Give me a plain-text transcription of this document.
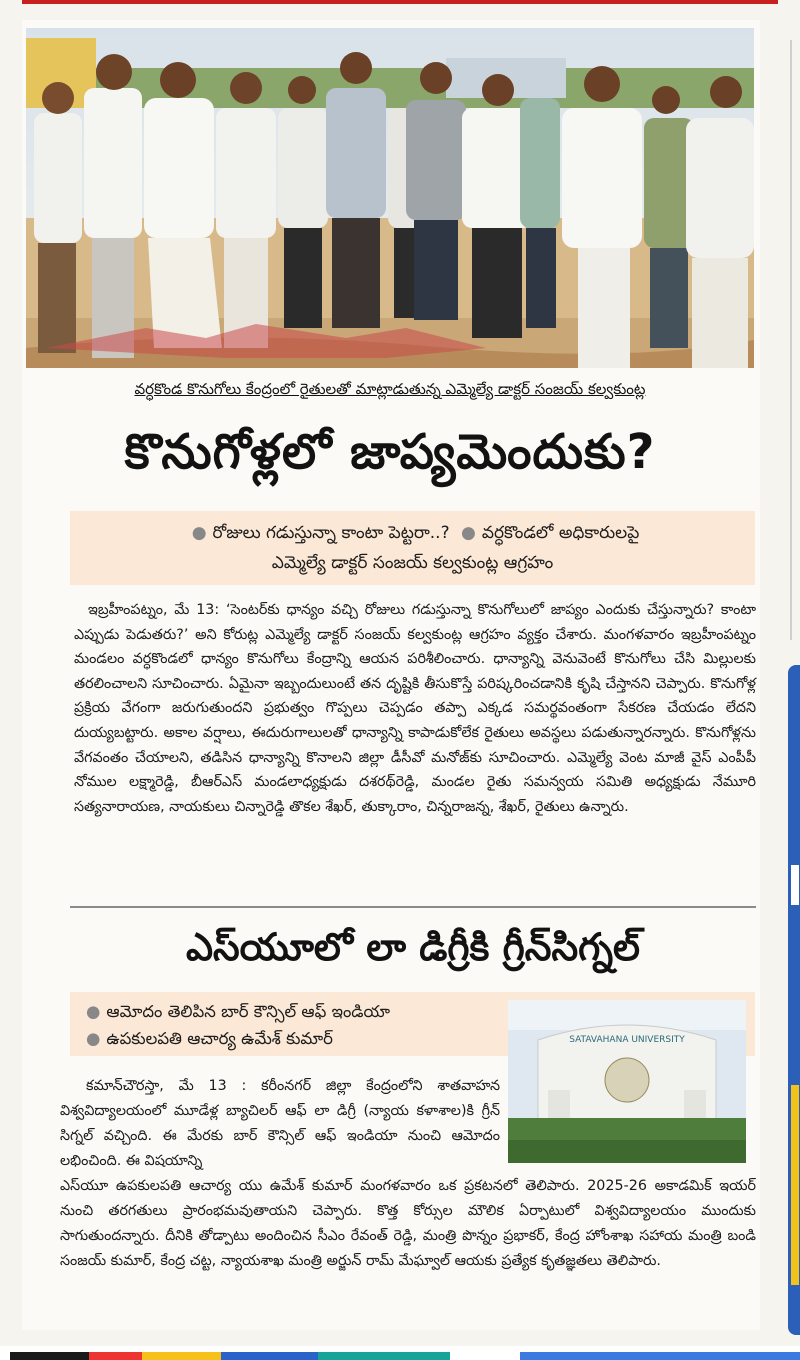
వర్ధకొండ కొనుగోలు కేంద్రంలో రైతులతో మాట్లాడుతున్న ఎమ్మెల్యే డాక్టర్ సంజయ్ కల్వకుంట్ల
కొనుగోళ్లలో జాప్యమెందుకు?
● రోజులు గడుస్తున్నా కాంటా పెట్టరా..? ● వర్ధకొండలో అధికారులపై
ఎమ్మెల్యే డాక్టర్ సంజయ్ కల్వకుంట్ల ఆగ్రహం
ఇబ్రహీంపట్నం, మే 13: ‘సెంటర్‌కు ధాన్యం వచ్చి రోజులు గడుస్తున్నా కొనుగోలులో జాప్యం ఎందుకు చేస్తున్నారు? కాంటా ఎప్పుడు పెడుతరు?’ అని కోరుట్ల ఎమ్మెల్యే డాక్టర్ సంజయ్ కల్వకుంట్ల ఆగ్రహం వ్యక్తం చేశారు. మంగళవారం ఇబ్రహీంపట్నం మండలం వర్ధకొండలో ధాన్యం కొనుగోలు కేంద్రాన్ని ఆయన పరిశీలించారు. ధాన్యాన్ని వెనువెంటే కొనుగోలు చేసి మిల్లులకు తరలించాలని సూచించారు. ఏమైనా ఇబ్బందులుంటే తన దృష్టికి తీసుకొస్తే పరిష్కరించడానికి కృషి చేస్తానని చెప్పారు. కొనుగోళ్ల ప్రక్రియ వేగంగా జరుగుతుందని ప్రభుత్వం గొప్పలు చెప్పడం తప్పా ఎక్కడ సమర్థవంతంగా సేకరణ చేయడం లేదని దుయ్యబట్టారు. అకాల వర్షాలు, ఈదురుగాలులతో ధాన్యాన్ని కాపాడుకోలేక రైతులు అవస్థలు పడుతున్నారన్నారు. కొనుగోళ్లను వేగవంతం చేయాలని, తడిసిన ధాన్యాన్ని కొనాలని జిల్లా డీసీవో మనోజ్‌కు సూచించారు. ఎమ్మెల్యే వెంట మాజీ వైస్ ఎంపీపీ నోముల లక్ష్మారెడ్డి, బీఆర్ఎస్ మండలాధ్యక్షుడు దశరథ్‌రెడ్డి, మండల రైతు సమన్వయ సమితి అధ్యక్షుడు నేమూరి సత్యనారాయణ, నాయకులు చిన్నారెడ్డి తొకల శేఖర్, తుక్కారాం, చిన్నరాజన్న, శేఖర్, రైతులు ఉన్నారు.
ఎస్‌యూలో లా డిగ్రీకి గ్రీన్‌సిగ్నల్
● ఆమోదం తెలిపిన బార్ కౌన్సిల్ ఆఫ్ ఇండియా
● ఉపకులపతి ఆచార్య ఉమేశ్ కుమార్	SATAVAHANA UNIVERSITY
కమాన్‌చౌరస్తా, మే 13 : కరీంనగర్ జిల్లా కేంద్రంలోని శాతవాహన విశ్వవిద్యాలయంలో మూడేళ్ల బ్యాచిలర్ ఆఫ్ లా డిగ్రీ (న్యాయ కళాశాల)కి గ్రీన్ సిగ్నల్ వచ్చింది. ఈ మేరకు బార్ కౌన్సిల్ ఆఫ్ ఇండియా నుంచి ఆమోదం లభించింది. ఈ విషయాన్ని
ఎస్‌యూ ఉపకులపతి ఆచార్య యు ఉమేశ్ కుమార్ మంగళవారం ఒక ప్రకటనలో తెలిపారు. 2025-26 అకాడమిక్ ఇయర్ నుంచి తరగతులు ప్రారంభమవుతాయని చెప్పారు. కొత్త కోర్సుల మౌలిక ఏర్పాటులో విశ్వవిద్యాలయం ముందుకు సాగుతుందన్నారు. దీనికి తోడ్పాటు అందించిన సీఎం రేవంత్ రెడ్డి, మంత్రి పొన్నం ప్రభాకర్, కేంద్ర హోంశాఖ సహాయ మంత్రి బండి సంజయ్ కుమార్, కేంద్ర చట్ట, న్యాయశాఖ మంత్రి అర్జున్ రామ్ మేఘ్వాల్ ఆయకు ప్రత్యేక కృతజ్ఞతలు తెలిపారు.
